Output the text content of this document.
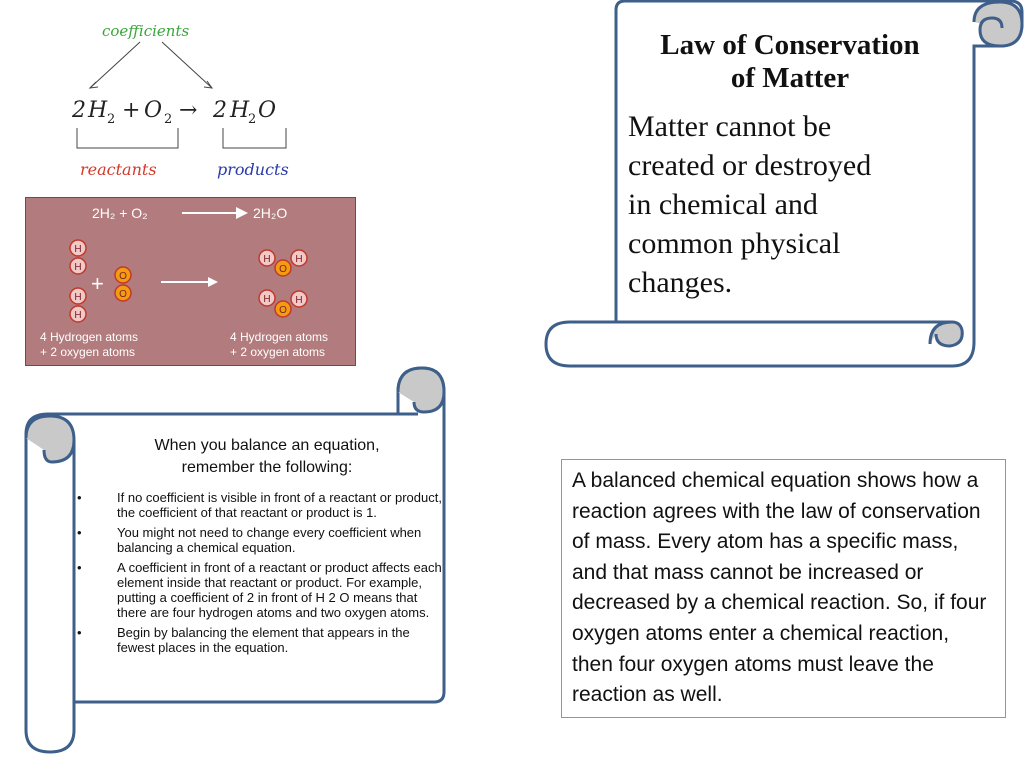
coefficients
2 H 2 + O 2 → 2 H
2 O
reactants	products
2H₂ + O₂	2H₂O
H
H
H
H
+ O
O
H H
O
H H
O
4 Hydrogen atoms
+ 2 oxygen atoms
4 Hydrogen atoms
+ 2 oxygen atoms
Law of Conservation
of Matter
Matter cannot be
created or destroyed
in chemical and
common physical
changes.
When you balance an equation,
remember the following:
•	If no coefficient is visible in front of a reactant or product, the coefficient of that reactant or product is 1.
•	You might not need to change every coefficient when balancing a chemical equation.
•	A coefficient in front of a reactant or product affects each element inside that reactant or product. For example, putting a coefficient of 2 in front of H 2 O means that there are four hydrogen atoms and two oxygen atoms.
•	Begin by balancing the element that appears in the fewest places in the equation.
A balanced chemical equation shows how a reaction agrees with the law of conservation of mass. Every atom has a specific mass, and that mass cannot be increased or decreased by a chemical reaction. So, if four oxygen atoms enter a chemical reaction, then four oxygen atoms must leave the reaction as well.
